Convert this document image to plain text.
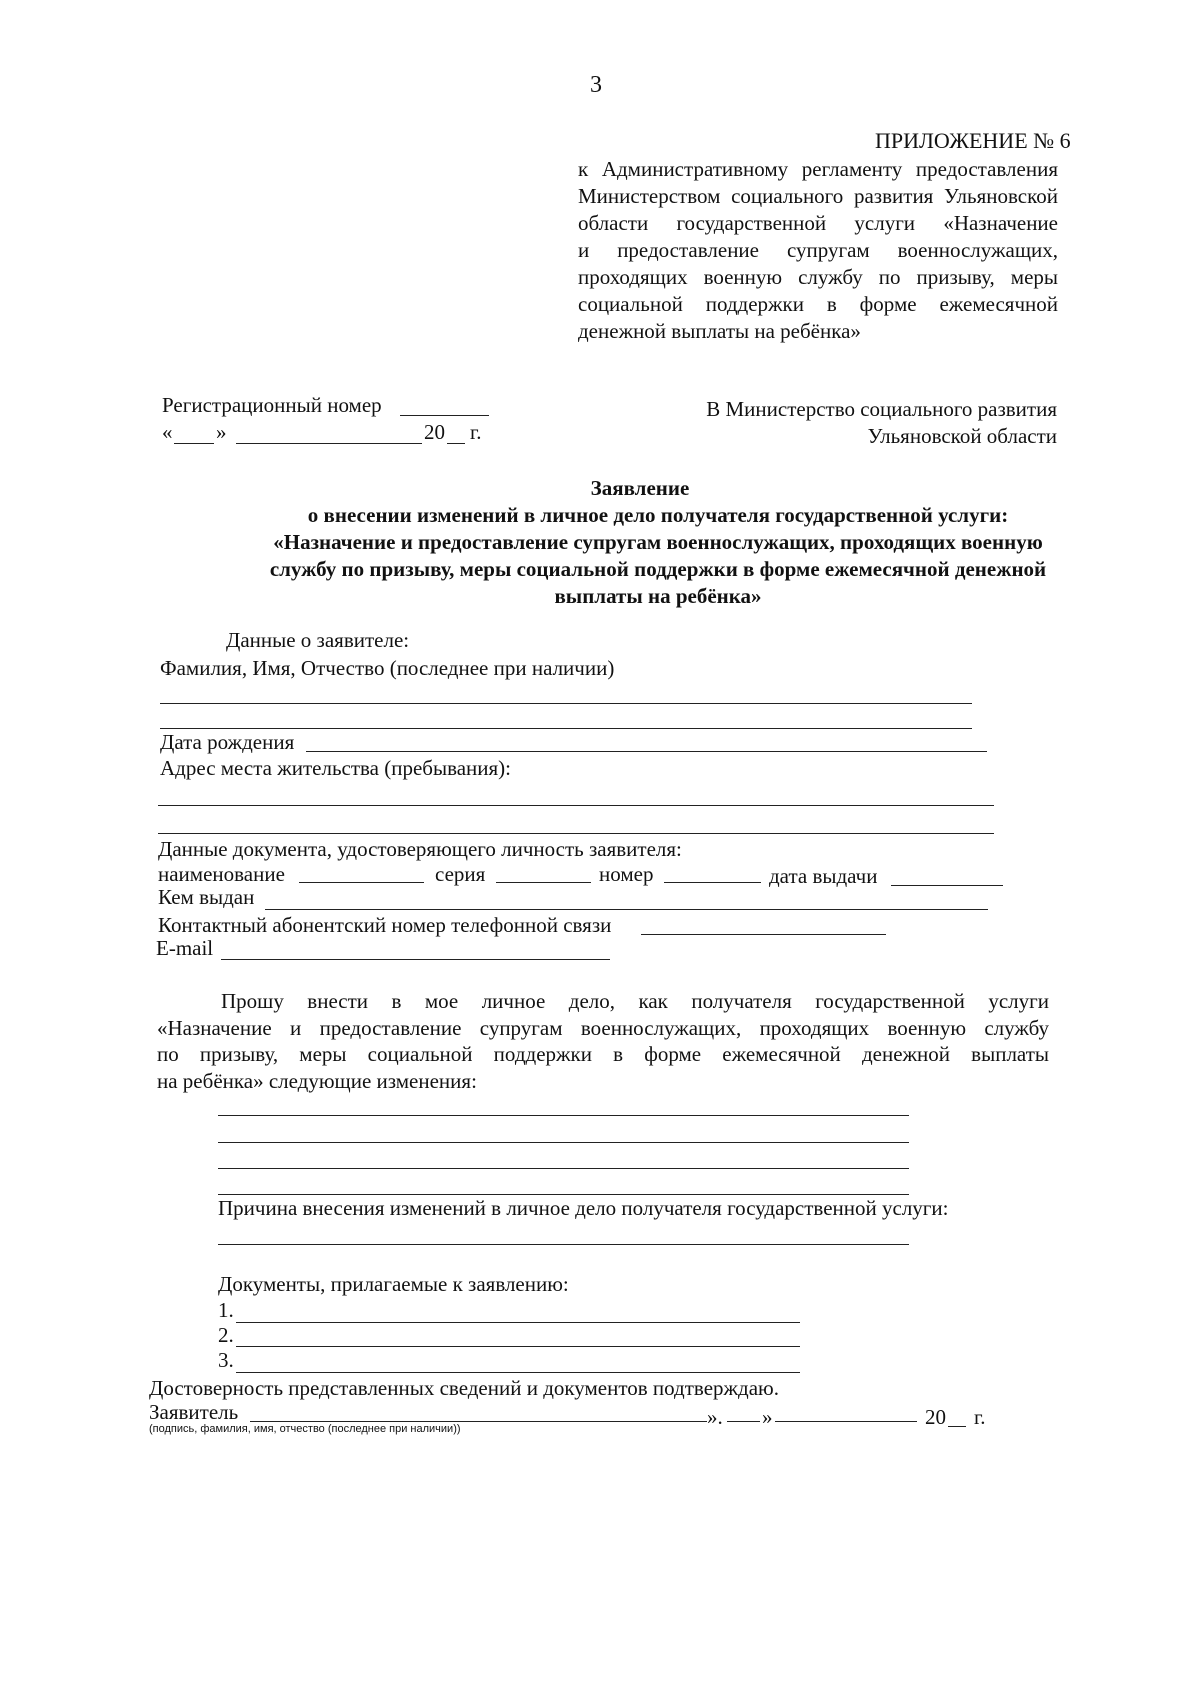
3
ПРИЛОЖЕНИЕ № 6
к Административному регламенту предоставления
Министерством социального развития Ульяновской
области государственной услуги «Назначение
и предоставление супругам военнослужащих,
проходящих военную службу по призыву, меры
социальной поддержки в форме ежемесячной
денежной выплаты на ребёнка»
Регистрационный номер
« »	20 г.
В Министерство социального развития
Ульяновской области
Заявление
о внесении изменений в личное дело получателя государственной услуги:
«Назначение и предоставление супругам военнослужащих, проходящих военную
службу по призыву, меры социальной поддержки в форме ежемесячной денежной
выплаты на ребёнка»
Данные о заявителе:
Фамилия, Имя, Отчество (последнее при наличии)
Дата рождения
Адрес места жительства (пребывания):
Данные документа, удостоверяющего личность заявителя:
наименование	серия	номер	дата выдачи
Кем выдан
Контактный абонентский номер телефонной связи
E-mail
Прошу внести в мое личное дело, как получателя государственной услуги
«Назначение и предоставление супругам военнослужащих, проходящих военную службу
по призыву, меры социальной поддержки в форме ежемесячной денежной выплаты
на ребёнка» следующие изменения:
Причина внесения изменений в личное дело получателя государственной услуги:
Документы, прилагаемые к заявлению:
1.
2.
3.
Достоверность представленных сведений и документов подтверждаю.
Заявитель	». »	20 г.
(подпись, фамилия, имя, отчество (последнее при наличии))
